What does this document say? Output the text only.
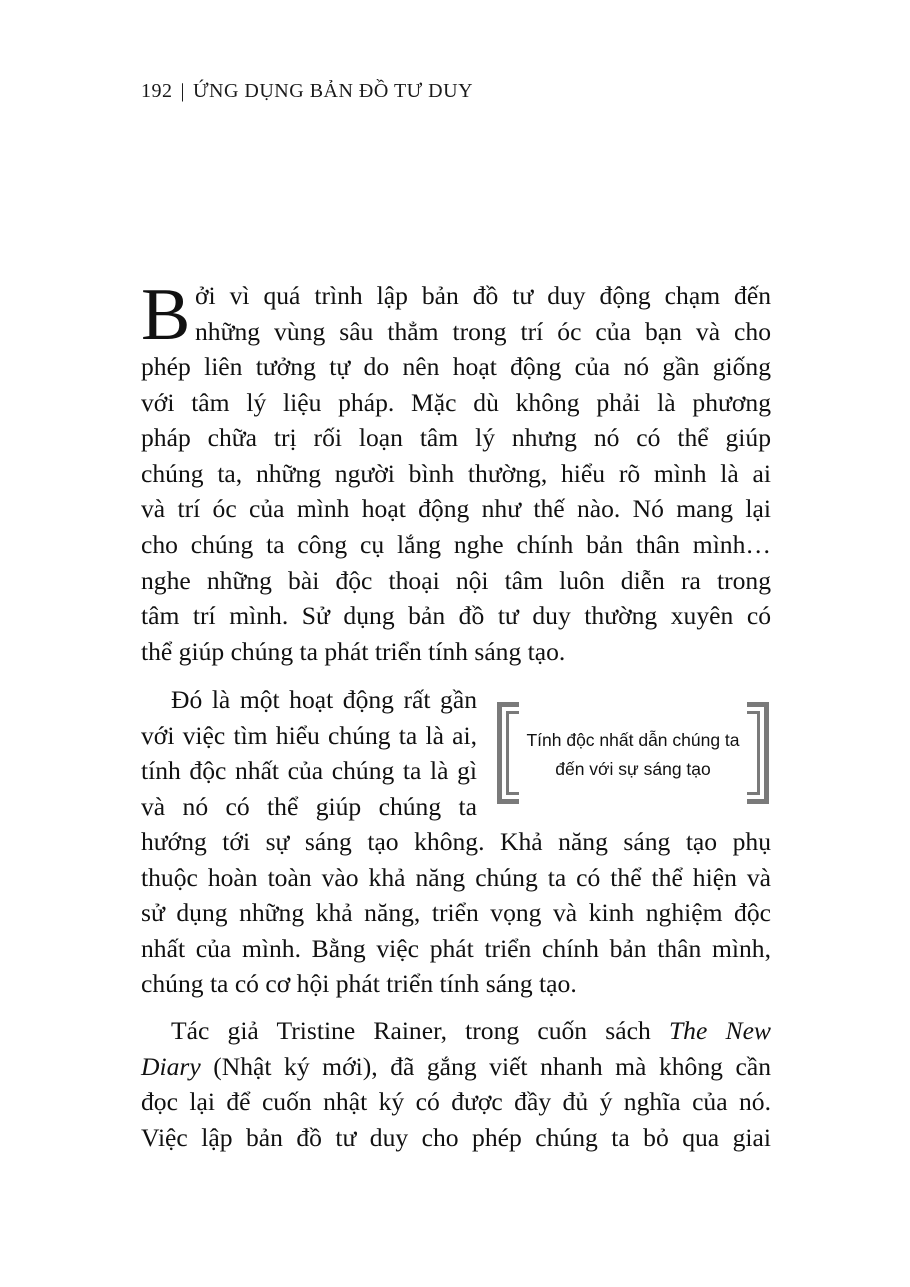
192 | ỨNG DỤNG BẢN ĐỒ TƯ DUY
B ởi vì quá trình lập bản đồ tư duy động chạm đến
những vùng sâu thẳm trong trí óc của bạn và cho
phép liên tưởng tự do nên hoạt động của nó gần giống
với tâm lý liệu pháp. Mặc dù không phải là phương
pháp chữa trị rối loạn tâm lý nhưng nó có thể giúp
chúng ta, những người bình thường, hiểu rõ mình là ai
và trí óc của mình hoạt động như thế nào. Nó mang lại
cho chúng ta công cụ lắng nghe chính bản thân mình…
nghe những bài độc thoại nội tâm luôn diễn ra trong
tâm trí mình. Sử dụng bản đồ tư duy thường xuyên có
thể giúp chúng ta phát triển tính sáng tạo.
Đó là một hoạt động rất gần
với việc tìm hiểu chúng ta là ai,
tính độc nhất của chúng ta là gì
và nó có thể giúp chúng ta
Tính độc nhất dẫn chúng ta
đến với sự sáng tạo
hướng tới sự sáng tạo không. Khả năng sáng tạo phụ
thuộc hoàn toàn vào khả năng chúng ta có thể thể hiện và
sử dụng những khả năng, triển vọng và kinh nghiệm độc
nhất của mình. Bằng việc phát triển chính bản thân mình,
chúng ta có cơ hội phát triển tính sáng tạo.
Tác giả Tristine Rainer, trong cuốn sách The New
Diary (Nhật ký mới), đã gắng viết nhanh mà không cần
đọc lại để cuốn nhật ký có được đầy đủ ý nghĩa của nó.
Việc lập bản đồ tư duy cho phép chúng ta bỏ qua giai
